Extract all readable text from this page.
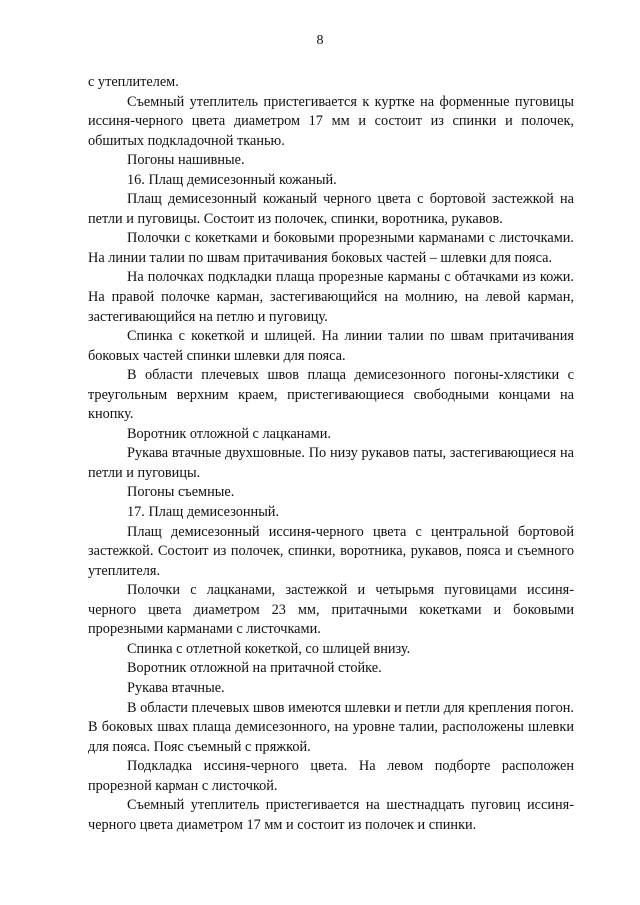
8

с утеплителем.

Съемный утеплитель пристегивается к куртке на форменные пуговицы иссиня-черного цвета диаметром 17 мм и состоит из спинки и полочек, обшитых подкладочной тканью.

Погоны нашивные.

16. Плащ демисезонный кожаный.

Плащ демисезонный кожаный черного цвета с бортовой застежкой на петли и пуговицы. Состоит из полочек, спинки, воротника, рукавов.

Полочки с кокетками и боковыми прорезными карманами с листочками. На линии талии по швам притачивания боковых частей – шлевки для пояса.

На полочках подкладки плаща прорезные карманы с обтачками из кожи. На правой полочке карман, застегивающийся на молнию, на левой карман, застегивающийся на петлю и пуговицу.

Спинка с кокеткой и шлицей. На линии талии по швам притачивания боковых частей спинки шлевки для пояса.

В области плечевых швов плаща демисезонного погоны-хлястики с треугольным верхним краем, пристегивающиеся свободными концами на кнопку.

Воротник отложной с лацканами.

Рукава втачные двухшовные. По низу рукавов паты, застегивающиеся на петли и пуговицы.

Погоны съемные.

17. Плащ демисезонный.

Плащ демисезонный иссиня-черного цвета с центральной бортовой застежкой. Состоит из полочек, спинки, воротника, рукавов, пояса и съемного утеплителя.

Полочки с лацканами, застежкой и четырьмя пуговицами иссиня-черного цвета диаметром 23 мм, притачными кокетками и боковыми прорезными карманами с листочками.

Спинка с отлетной кокеткой, со шлицей внизу.

Воротник отложной на притачной стойке.

Рукава втачные.

В области плечевых швов имеются шлевки и петли для крепления погон. В боковых швах плаща демисезонного, на уровне талии, расположены шлевки для пояса. Пояс съемный с пряжкой.

Подкладка иссиня-черного цвета. На левом подборте расположен прорезной карман с листочкой.

Съемный утеплитель пристегивается на шестнадцать пуговиц иссиня-черного цвета диаметром 17 мм и состоит из полочек и спинки.
